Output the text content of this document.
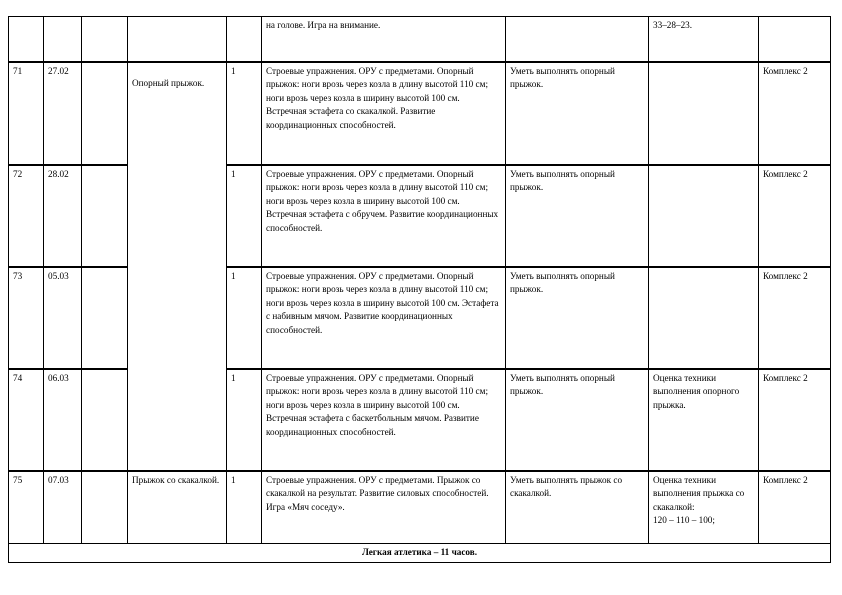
					на голове. Игра на внимание.		33–28–23.	

71	27.02		Опорный прыжок.	1	Строевые упражнения. ОРУ с предметами. Опорный прыжок: ноги врозь через козла в длину высотой 110 см; ноги врозь через козла в ширину высотой 100 см. Встречная эстафета со скакалкой. Развитие координационных способностей.	Уметь выполнять опорный прыжок.		Комплекс 2
72	28.02			1	Строевые упражнения. ОРУ с предметами. Опорный прыжок: ноги врозь через козла в длину высотой 110 см; ноги врозь через козла в ширину высотой 100 см. Встречная эстафета с обручем. Развитие координационных способностей.	Уметь выполнять опорный прыжок.		Комплекс 2
73	05.03			1	Строевые упражнения. ОРУ с предметами. Опорный прыжок: ноги врозь через козла в длину высотой 110 см; ноги врозь через козла в ширину высотой 100 см. Эстафета с набивным мячом. Развитие координационных способностей.	Уметь выполнять опорный прыжок.		Комплекс 2
74	06.03			1	Строевые упражнения. ОРУ с предметами. Опорный прыжок: ноги врозь через козла в длину высотой 110 см; ноги врозь через козла в ширину высотой 100 см. Встречная эстафета с баскетбольным мячом. Развитие координационных способностей.	Уметь выполнять опорный прыжок.	Оценка техники выполнения опорного прыжка.	Комплекс 2
75	07.03		Прыжок со скакалкой.	1	Строевые упражнения. ОРУ с предметами. Прыжок со скакалкой на результат. Развитие силовых способностей. Игра «Мяч соседу».	Уметь выполнять прыжок со скакалкой.	Оценка техники выполнения прыжка со скакалкой:
120 – 110 – 100;	Комплекс 2
Легкая атлетика – 11 часов.								
